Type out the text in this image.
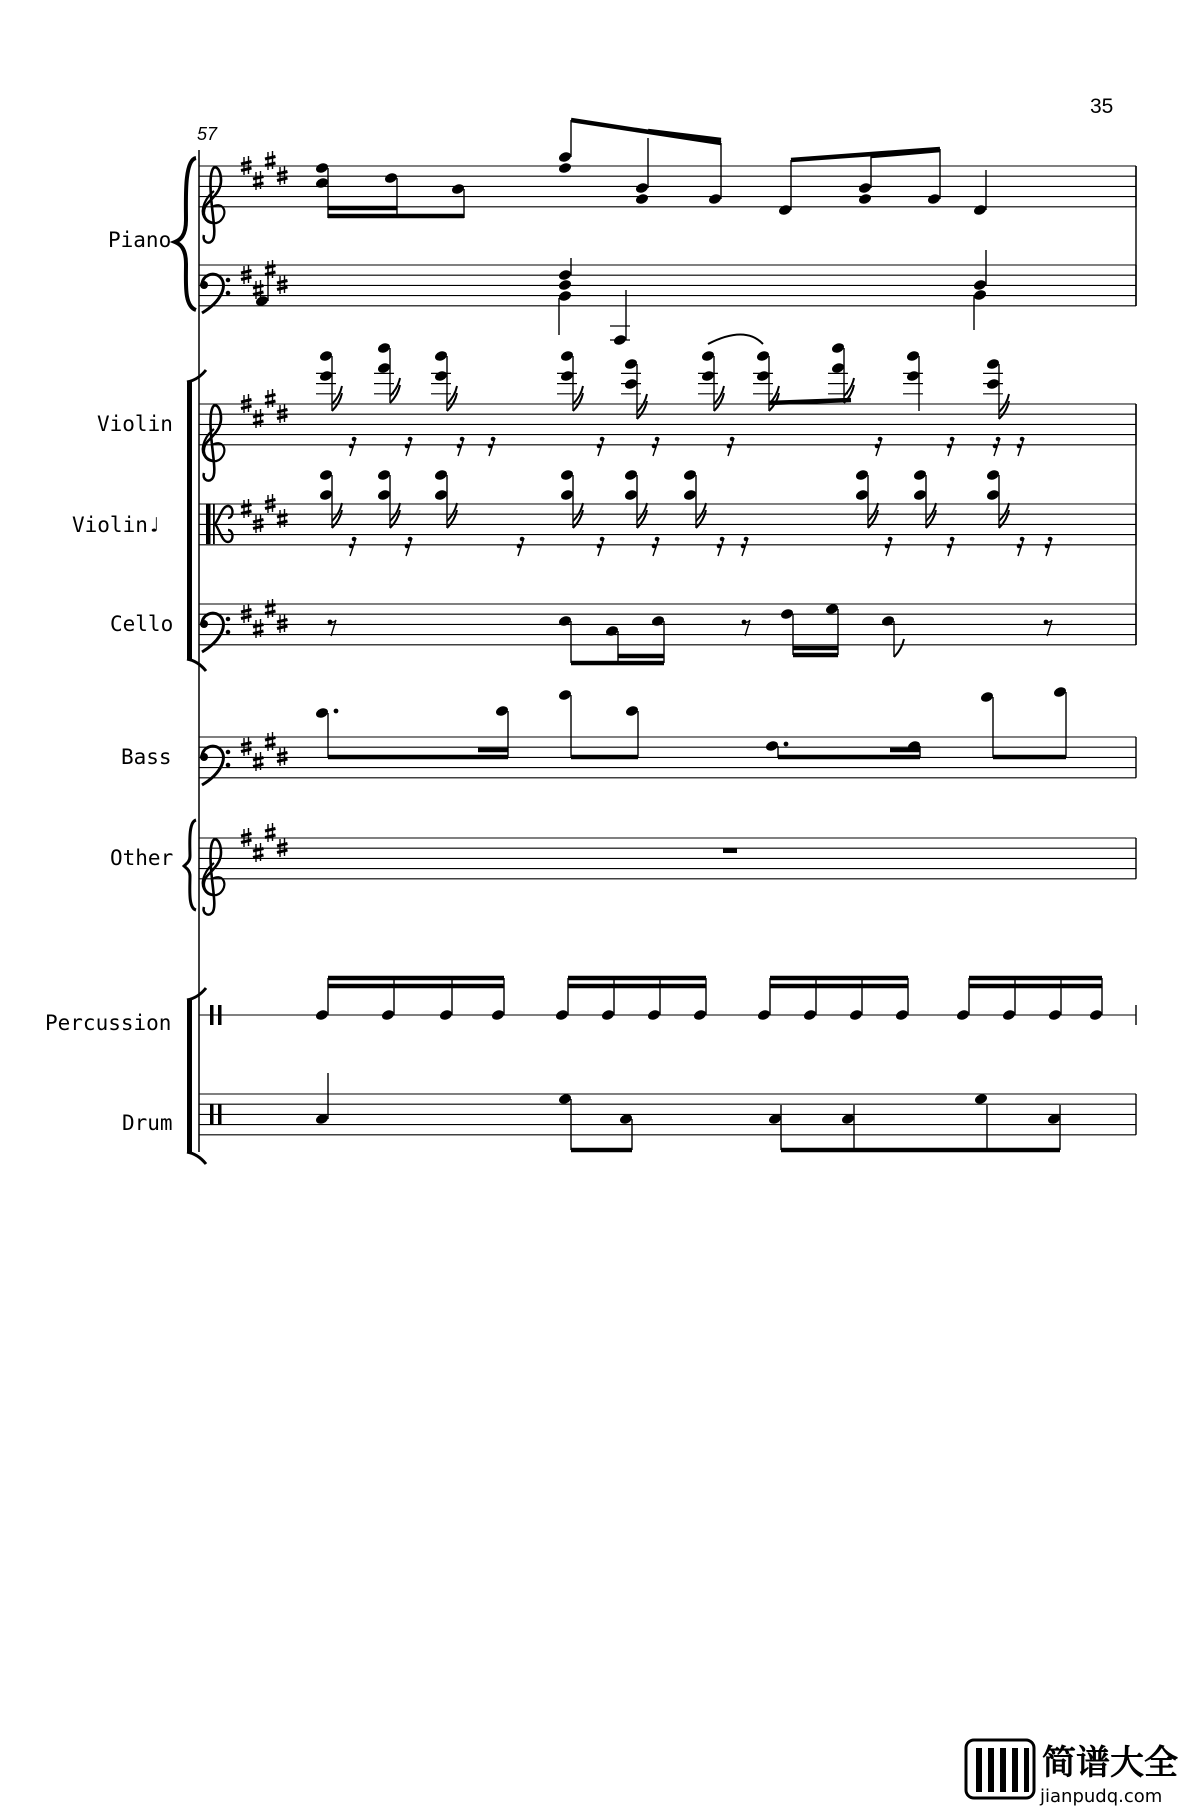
35
57
Piano
Violin
Violin♩
Cello
Bass
Other
Percussion
Drum
简谱大全
jianpudq.com
